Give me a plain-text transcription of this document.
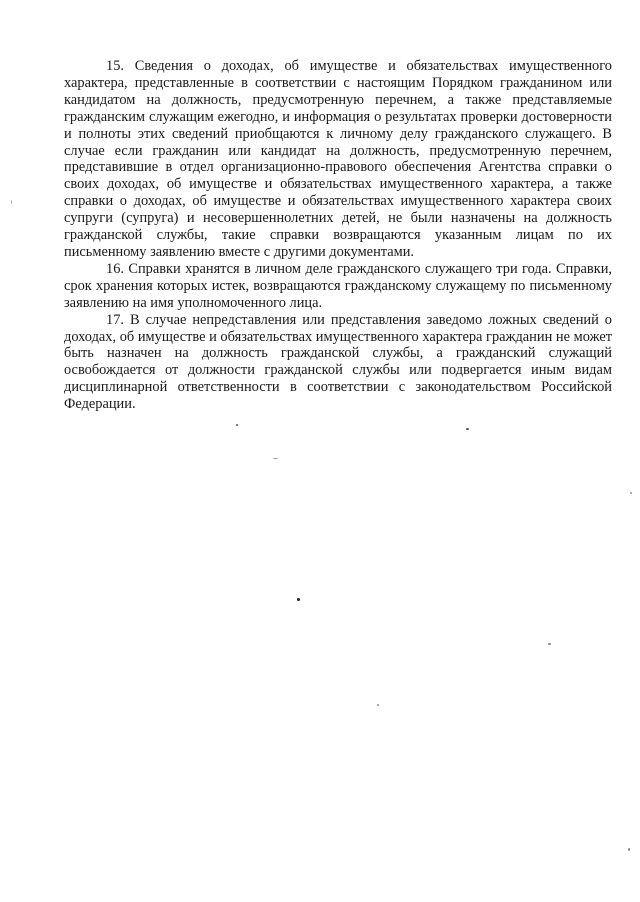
15. Сведения о доходах, об имуществе и обязательствах имущественного характера, представленные в соответствии с настоящим Порядком гражданином или кандидатом на должность, предусмотренную перечнем, а также представляемые гражданским служащим ежегодно, и информация о результатах проверки достоверности и полноты этих сведений приобщаются к личному делу гражданского служащего. В случае если гражданин или кандидат на должность, предусмотренную перечнем, представившие в отдел организационно-правового обеспечения Агентства справки о своих доходах, об имуществе и обязательствах имущественного характера, а также справки о доходах, об имуществе и обязательствах имущественного характера своих супруги (супруга) и несовершеннолетних детей, не были назначены на должность гражданской службы, такие справки возвращаются указанным лицам по их письменному заявлению вместе с другими документами.

16. Справки хранятся в личном деле гражданского служащего три года. Справки, срок хранения которых истек, возвращаются гражданскому служащему по письменному заявлению на имя уполномоченного лица.

17. В случае непредставления или представления заведомо ложных сведений о доходах, об имуществе и обязательствах имущественного характера гражданин не может быть назначен на должность гражданской службы, а гражданский служащий освобождается от должности гражданской службы или подвергается иным видам дисциплинарной ответственности в соответствии с законодательством Российской Федерации.
